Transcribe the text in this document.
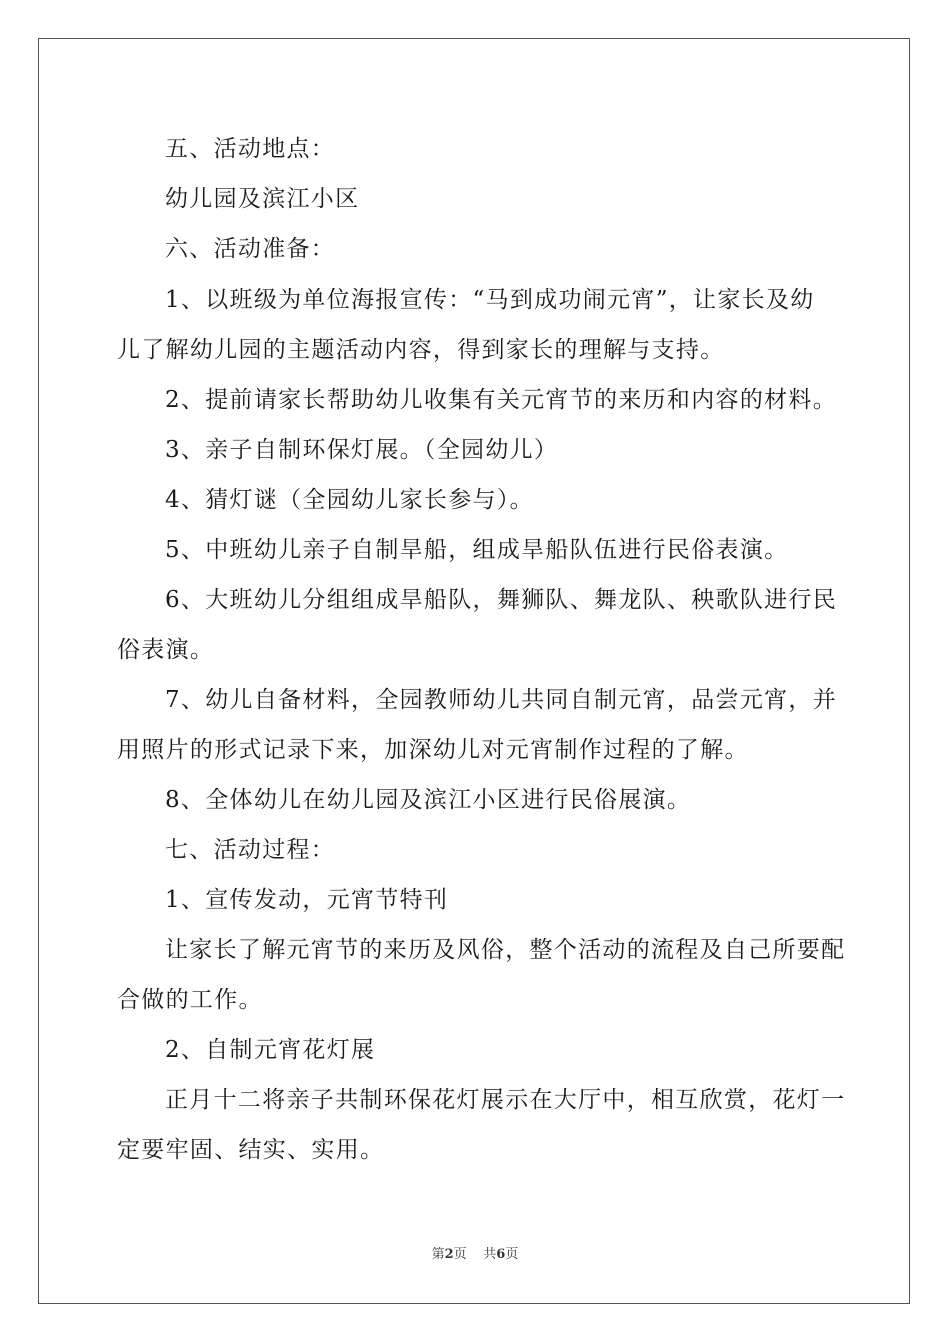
五、活动地点：
幼儿园及滨江小区
六、活动准备：
1、以班级为单位海报宣传：“马到成功闹元宵”，让家长及幼
儿了解幼儿园的主题活动内容，得到家长的理解与支持。
2、提前请家长帮助幼儿收集有关元宵节的来历和内容的材料。
3、亲子自制环保灯展。（全园幼儿）
4、猜灯谜（全园幼儿家长参与）。
5、中班幼儿亲子自制旱船，组成旱船队伍进行民俗表演。
6、大班幼儿分组组成旱船队，舞狮队、舞龙队、秧歌队进行民
俗表演。
7、幼儿自备材料，全园教师幼儿共同自制元宵，品尝元宵，并
用照片的形式记录下来，加深幼儿对元宵制作过程的了解。
8、全体幼儿在幼儿园及滨江小区进行民俗展演。
七、活动过程：
1、宣传发动，元宵节特刊
让家长了解元宵节的来历及风俗，整个活动的流程及自己所要配
合做的工作。
2、自制元宵花灯展
正月十二将亲子共制环保花灯展示在大厅中，相互欣赏，花灯一
定要牢固、结实、实用。
第2页 共6页
